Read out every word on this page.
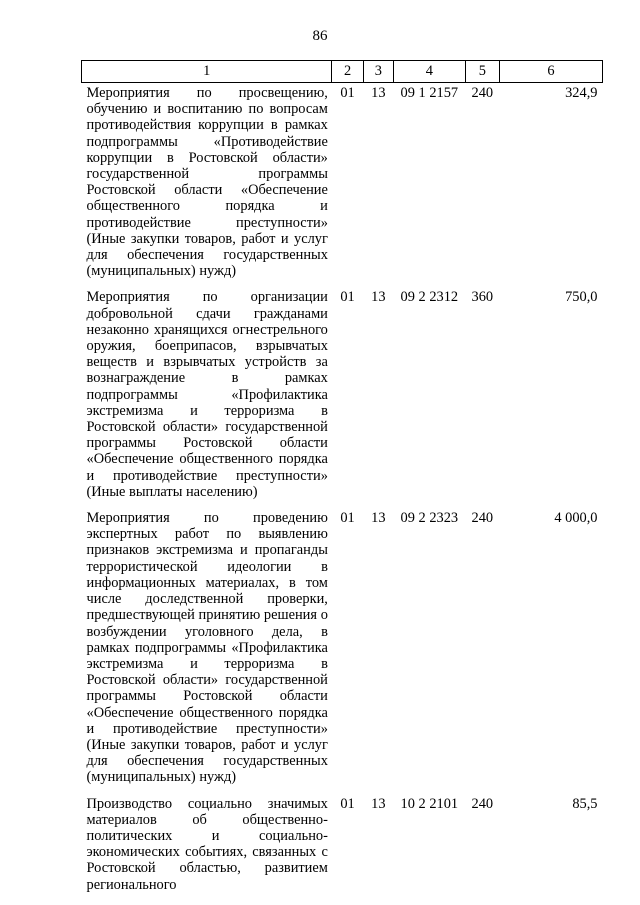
86
1	2	3	4	5	6
Мероприятия по просвещению, обучению и воспитанию по вопросам противодействия коррупции в рамках подпрограммы «Противодействие коррупции в Ростовской области» государственной программы Ростовской области «Обеспечение общественного порядка и противодействие преступности» (Иные закупки товаров, работ и услуг для обеспечения государственных (муниципальных) нужд)	01	13	09 1 2157	240	324,9
Мероприятия по организации добровольной сдачи гражданами незаконно хранящихся огнестрельного оружия, боеприпасов, взрывчатых веществ и взрывчатых устройств за вознаграждение в рамках подпрограммы «Профилактика экстремизма и терроризма в Ростовской области» государственной программы Ростовской области «Обеспечение общественного порядка и противодействие преступности» (Иные выплаты населению)	01	13	09 2 2312	360	750,0
Мероприятия по проведению экспертных работ по выявлению признаков экстремизма и пропаганды террористической идеологии в информационных материалах, в том числе доследственной проверки, предшествующей принятию решения о возбуждении уголовного дела, в рамках подпрограммы «Профилактика экстремизма и терроризма в Ростовской области» государственной программы Ростовской области «Обеспечение общественного порядка и противодействие преступности» (Иные закупки товаров, работ и услуг для обеспечения государственных (муниципальных) нужд)	01	13	09 2 2323	240	4 000,0
Производство социально значимых материалов об общественно-политических и социально-экономических событиях, связанных с Ростовской областью, развитием регионального	01	13	10 2 2101	240	85,5
